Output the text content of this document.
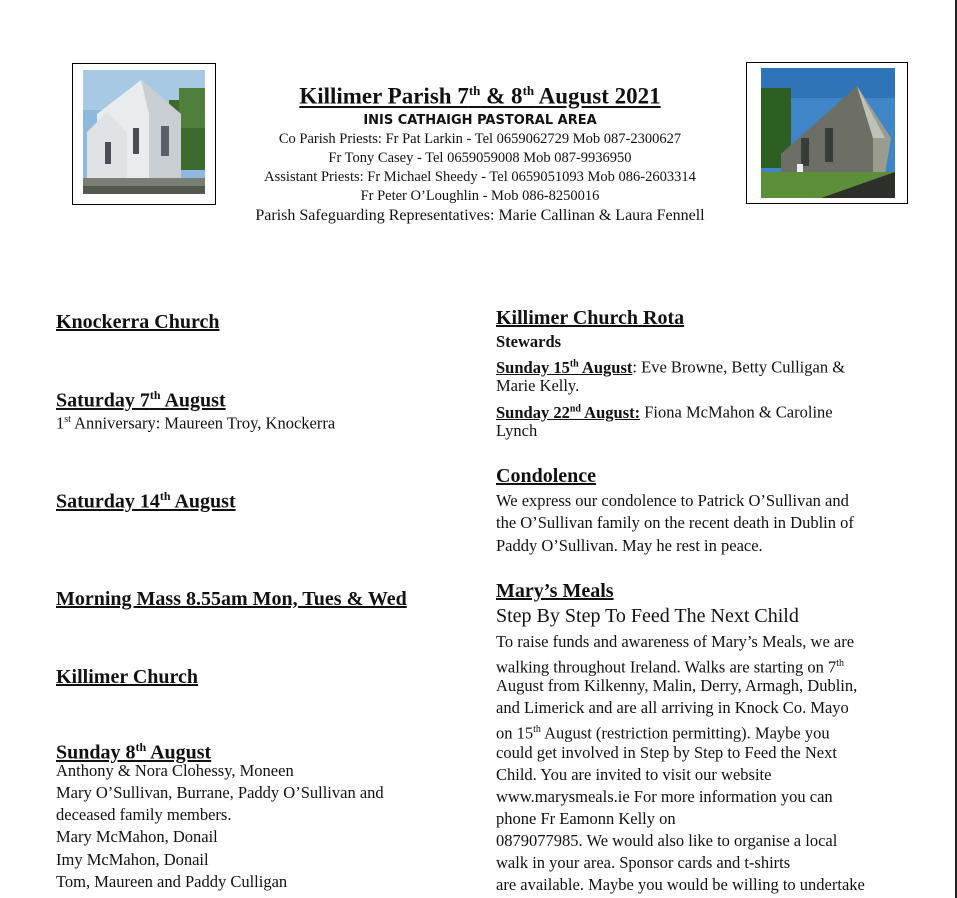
Killimer Parish 7th & 8th August 2021
INIS CATHAIGH PASTORAL AREA
Co Parish Priests: Fr Pat Larkin - Tel 0659062729 Mob 087-2300627
Fr Tony Casey - Tel 0659059008 Mob 087-9936950
Assistant Priests: Fr Michael Sheedy - Tel 0659051093 Mob 086-2603314
Fr Peter O’Loughlin - Mob 086-8250016
Parish Safeguarding Representatives: Marie Callinan & Laura Fennell
Knockerra Church
Saturday 7th August
1st Anniversary: Maureen Troy, Knockerra
Saturday 14th August
Morning Mass 8.55am Mon, Tues & Wed
Killimer Church
Sunday 8th August
Anthony & Nora Clohessy, Moneen
Mary O’Sullivan, Burrane, Paddy O’Sullivan and
deceased family members.
Mary McMahon, Donail
Imy McMahon, Donail
Tom, Maureen and Paddy Culligan
Killimer Church Rota
Stewards
Sunday 15th August: Eve Browne, Betty Culligan &
Marie Kelly.
Sunday 22nd August: Fiona McMahon & Caroline
Lynch
Condolence
We express our condolence to Patrick O’Sullivan and
the O’Sullivan family on the recent death in Dublin of
Paddy O’Sullivan. May he rest in peace.
Mary’s Meals
Step By Step To Feed The Next Child
To raise funds and awareness of Mary’s Meals, we are
walking throughout Ireland. Walks are starting on 7th
August from Kilkenny, Malin, Derry, Armagh, Dublin,
and Limerick and are all arriving in Knock Co. Mayo
on 15th August (restriction permitting). Maybe you
could get involved in Step by Step to Feed the Next
Child. You are invited to visit our website
www.marysmeals.ie For more information you can
phone Fr Eamonn Kelly on
0879077985. We would also like to organise a local
walk in your area. Sponsor cards and t-shirts
are available. Maybe you would be willing to undertake
